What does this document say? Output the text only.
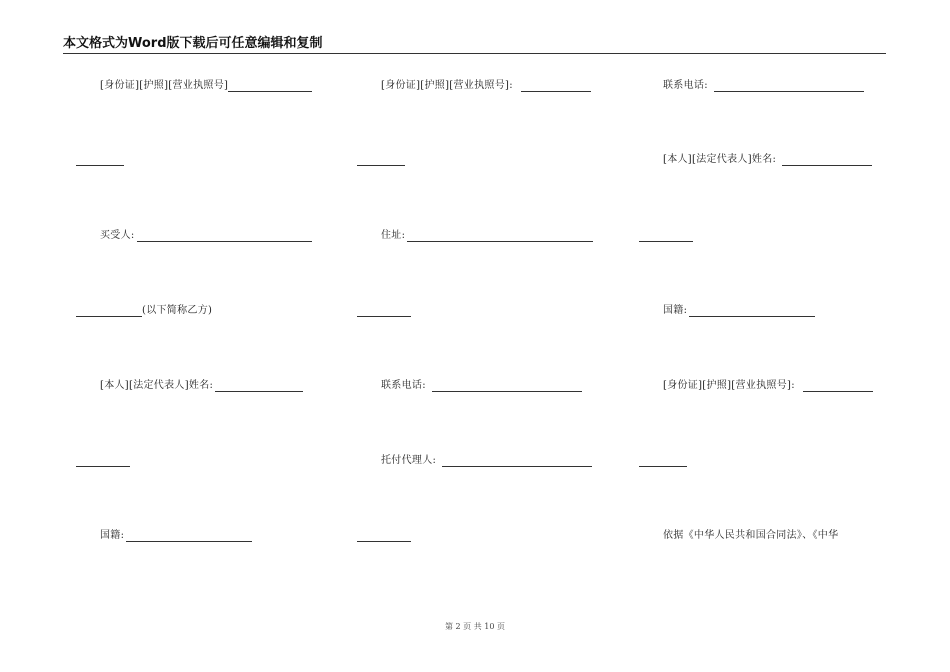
本文格式为Word版下载后可任意编辑和复制
[身份证][护照][营业执照号]
买受人:
(以下简称乙方)
[本人][法定代表人]姓名:
国籍:
[身份证][护照][营业执照号]:
住址:
联系电话:
托付代理人:
联系电话:
[本人][法定代表人]姓名:
国籍:
[身份证][护照][营业执照号]:
依据《中华人民共和国合同法》、《中华
第 2 页 共 10 页
